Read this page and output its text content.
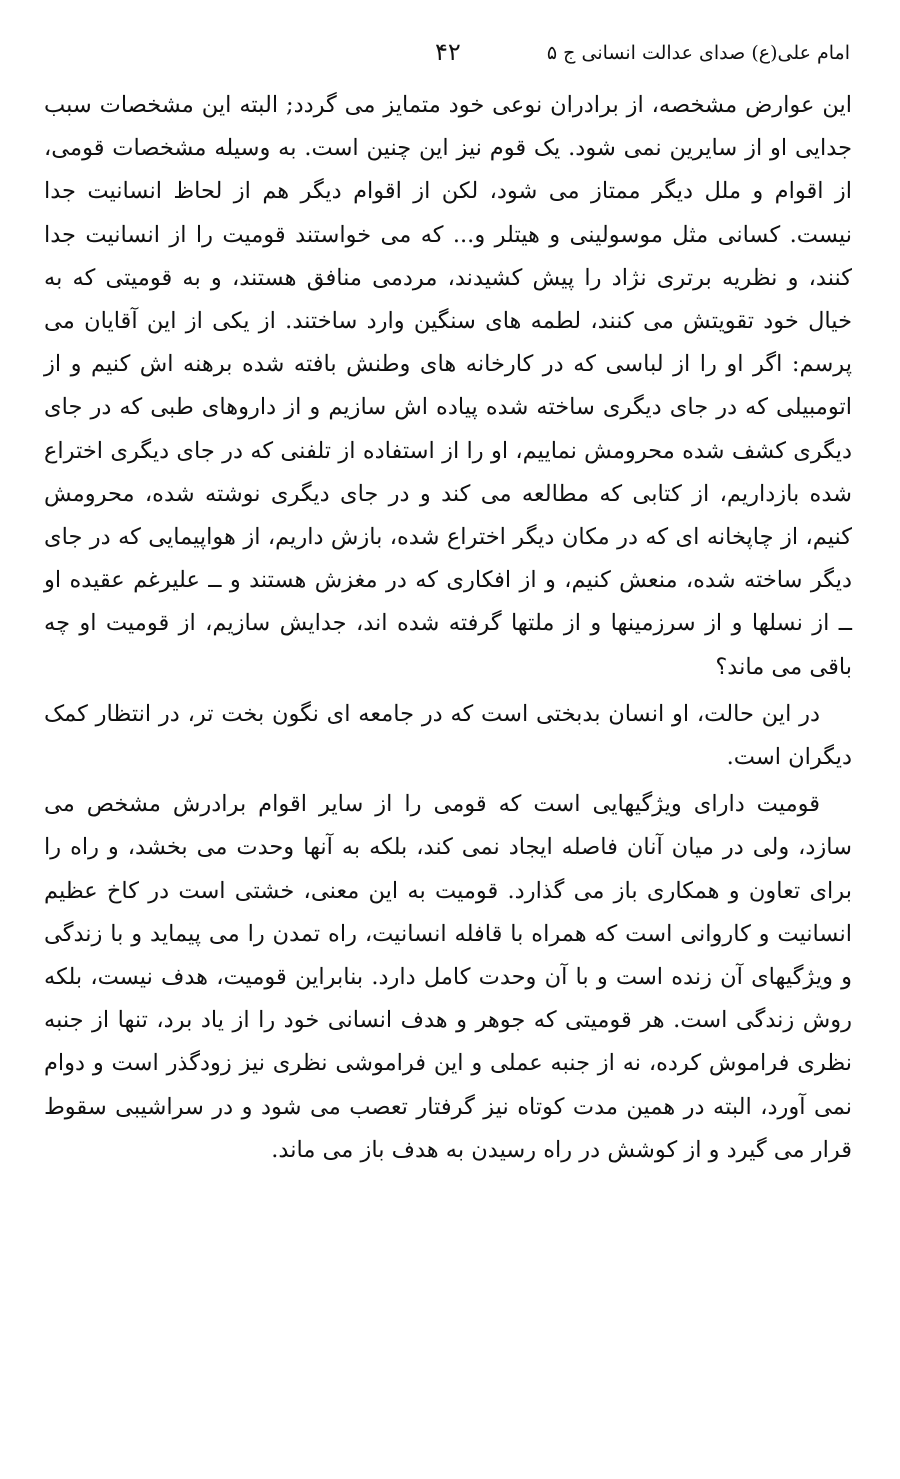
امام علی(ع) صدای عدالت انسانی ج ۵
۴۲

این عوارض مشخصه، از برادران نوعی خود متمایز می گردد; البته این مشخصات سبب جدایی او از سایرین نمی شود. یک قوم نیز این چنین است. به وسیله مشخصات قومی، از اقوام و ملل دیگر ممتاز می شود، لکن از اقوام دیگر هم از لحاظ انسانیت جدا نیست. کسانی مثل موسولینی و هیتلر و... که می خواستند قومیت را از انسانیت جدا کنند، و نظریه برتری نژاد را پیش کشیدند، مردمی منافق هستند، و به قومیتی که به خیال خود تقویتش می کنند، لطمه های سنگین وارد ساختند. از یکی از این آقایان می پرسم: اگر او را از لباسی که در کارخانه های وطنش بافته شده برهنه اش کنیم و از اتومبیلی که در جای دیگری ساخته شده پیاده اش سازیم و از داروهای طبی که در جای دیگری کشف شده محرومش نماییم، او را از استفاده از تلفنی که در جای دیگری اختراع شده بازداریم، از کتابی که مطالعه می کند و در جای دیگری نوشته شده، محرومش کنیم، از چاپخانه ای که در مکان دیگر اختراع شده، بازش داریم، از هواپیمایی که در جای دیگر ساخته شده، منعش کنیم، و از افکاری که در مغزش هستند و ــ علیرغم عقیده او ــ از نسلها و از سرزمینها و از ملتها گرفته شده اند، جدایش سازیم، از قومیت او چه باقی می ماند؟

در این حالت، او انسان بدبختی است که در جامعه ای نگون بخت تر، در انتظار کمک دیگران است.

قومیت دارای ویژگیهایی است که قومی را از سایر اقوام برادرش مشخص می سازد، ولی در میان آنان فاصله ایجاد نمی کند، بلکه به آنها وحدت می بخشد، و راه را برای تعاون و همکاری باز می گذارد. قومیت به این معنی، خشتی است در کاخ عظیم انسانیت و کاروانی است که همراه با قافله انسانیت، راه تمدن را می پیماید و با زندگی و ویژگیهای آن زنده است و با آن وحدت کامل دارد. بنابراین قومیت، هدف نیست، بلکه روش زندگی است. هر قومیتی که جوهر و هدف انسانی خود را از یاد برد، تنها از جنبه نظری فراموش کرده، نه از جنبه عملی و این فراموشی نظری نیز زودگذر است و دوام نمی آورد، البته در همین مدت کوتاه نیز گرفتار تعصب می شود و در سراشیبی سقوط قرار می گیرد و از کوشش در راه رسیدن به هدف باز می ماند.
